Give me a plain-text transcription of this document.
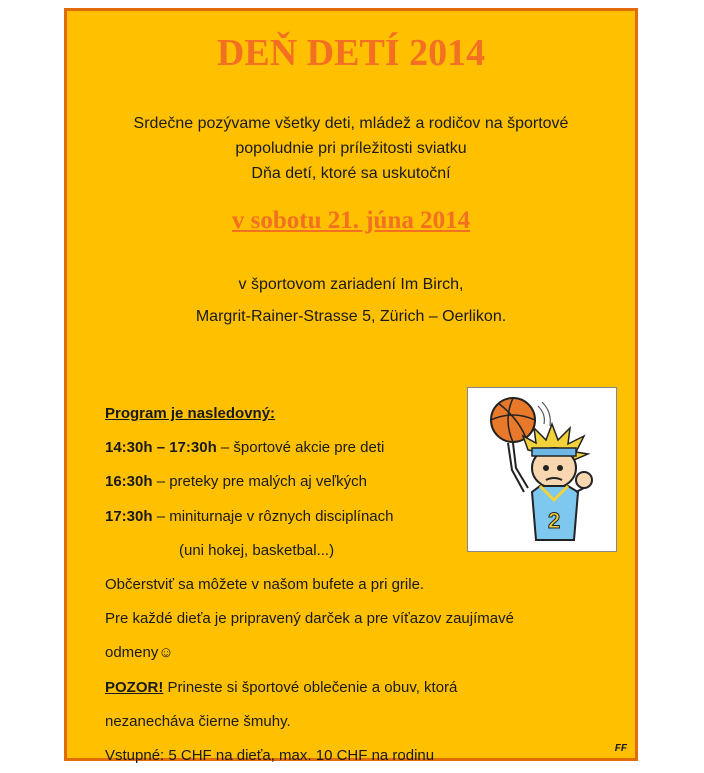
DEŇ DETÍ 2014
Srdečne pozývame všetky deti, mládež a rodičov na športové
popoludnie pri príležitosti sviatku
Dňa detí, ktoré sa uskutoční
v sobotu 21. júna 2014
v športovom zariadení Im Birch,
Margrit-Rainer-Strasse 5, Zürich – Oerlikon.
Program je nasledovný:
14:30h – 17:30h – športové akcie pre deti
16:30h – preteky pre malých aj veľkých
17:30h – miniturnaje v rôznych disciplínach
(uni hokej, basketbal...)
Občerstviť sa môžete v našom bufete a pri grile.
Pre každé dieťa je pripravený darček a pre víťazov zaujímavé
odmeny☺
POZOR! Prineste si športové oblečenie a obuv, ktorá
nezanecháva čierne šmuhy.
Vstupné: 5 CHF na dieťa, max. 10 CHF na rodinu
2
FF
